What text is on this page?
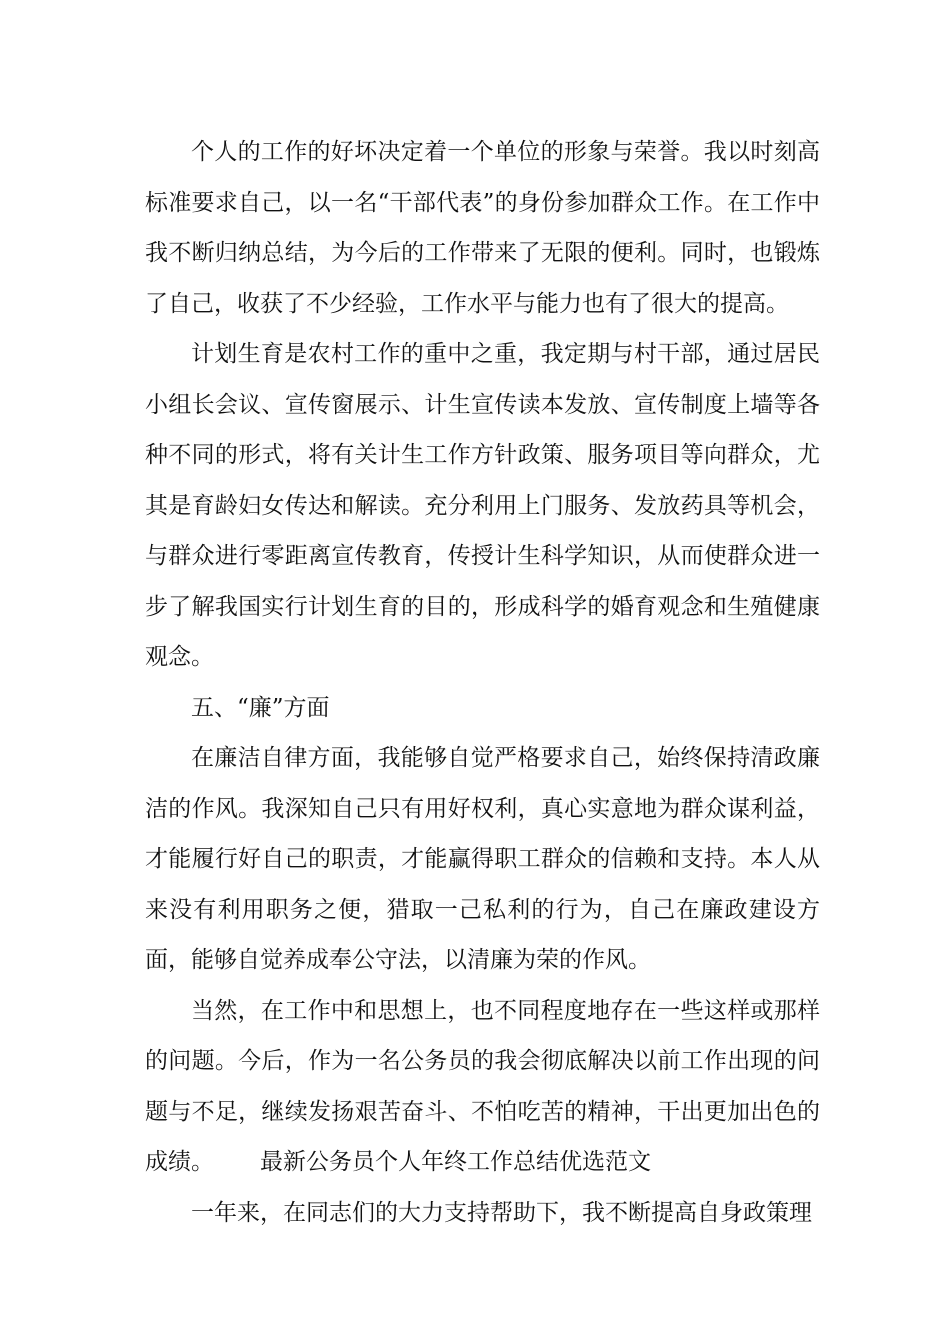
个人的工作的好坏决定着一个单位的形象与荣誉。我以时刻高标准要求自己，以一名“干部代表”的身份参加群众工作。在工作中我不断归纳总结，为今后的工作带来了无限的便利。同时，也锻炼了自己，收获了不少经验，工作水平与能力也有了很大的提高。

计划生育是农村工作的重中之重，我定期与村干部，通过居民小组长会议、宣传窗展示、计生宣传读本发放、宣传制度上墙等各种不同的形式，将有关计生工作方针政策、服务项目等向群众，尤其是育龄妇女传达和解读。充分利用上门服务、发放药具等机会，与群众进行零距离宣传教育，传授计生科学知识，从而使群众进一步了解我国实行计划生育的目的，形成科学的婚育观念和生殖健康观念。

五、“廉”方面

在廉洁自律方面，我能够自觉严格要求自己，始终保持清政廉洁的作风。我深知自己只有用好权利，真心实意地为群众谋利益，才能履行好自己的职责，才能赢得职工群众的信赖和支持。本人从来没有利用职务之便，猎取一己私利的行为，自己在廉政建设方面，能够自觉养成奉公守法，以清廉为荣的作风。

当然，在工作中和思想上，也不同程度地存在一些这样或那样的问题。今后，作为一名公务员的我会彻底解决以前工作出现的问题与不足，继续发扬艰苦奋斗、不怕吃苦的精神，干出更加出色的成绩。 最新公务员个人年终工作总结优选范文

一年来，在同志们的大力支持帮助下，我不断提高自身政策理
